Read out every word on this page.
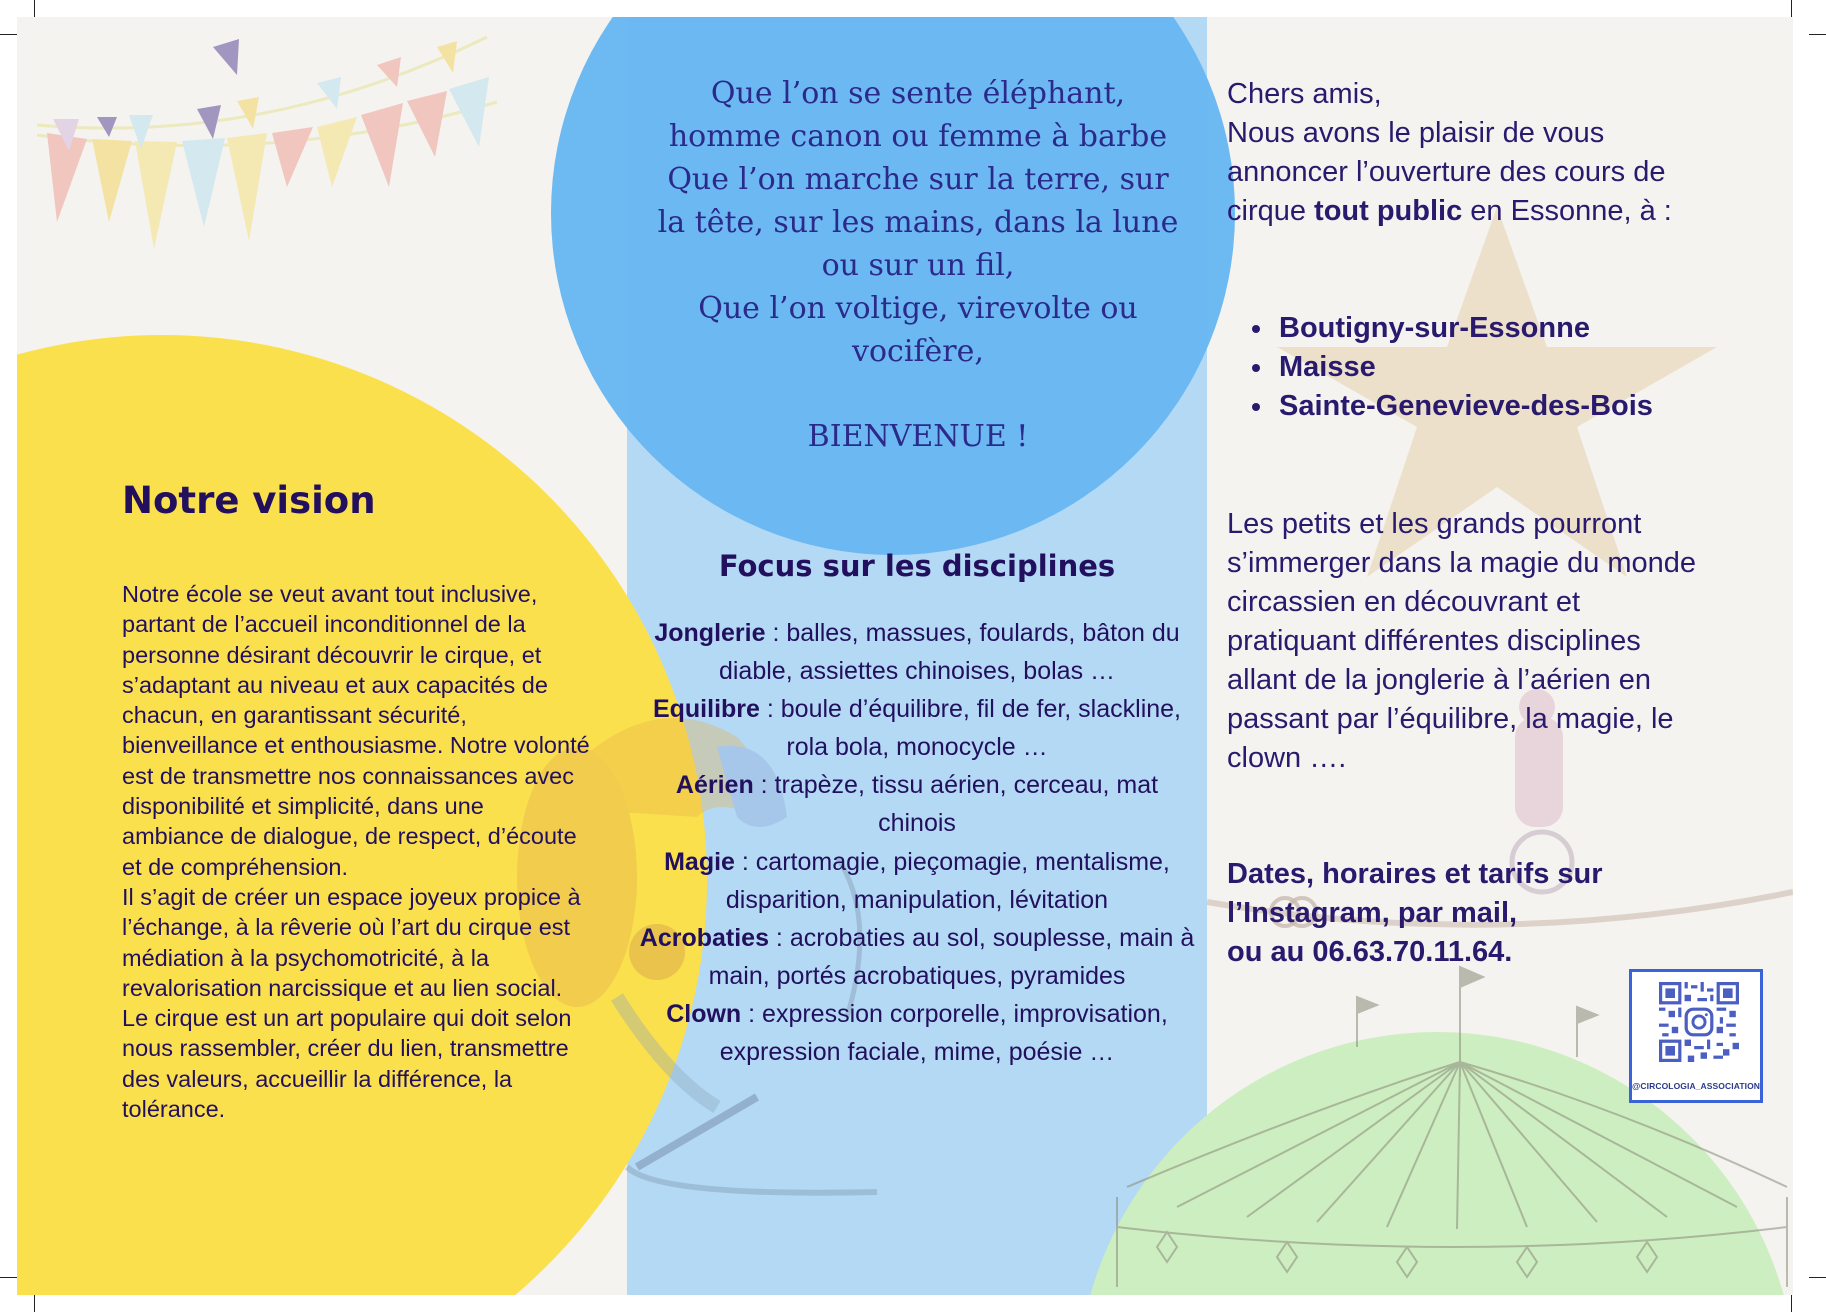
Que l’on se sente éléphant, homme canon ou femme à barbe

Que l’on marche sur la terre, sur la tête, sur les mains, dans la lune ou sur un fil,

Que l’on voltige, virevolte ou vocifère,

BIENVENUE !

Notre vision
Notre école se veut avant tout inclusive, partant de l’accueil inconditionnel de la personne désirant découvrir le cirque, et s’adaptant au niveau et aux capacités de chacun, en garantissant sécurité, bienveillance et enthousiasme. Notre volonté est de transmettre nos connaissances avec disponibilité et simplicité, dans une ambiance de dialogue, de respect, d’écoute et de compréhension.
Il s’agit de créer un espace joyeux propice à l’échange, à la rêverie où l’art du cirque est médiation à la psychomotricité, à la revalorisation narcissique et au lien social. Le cirque est un art populaire qui doit selon nous rassembler, créer du lien, transmettre des valeurs, accueillir la différence, la tolérance.
Focus sur les disciplines

Jonglerie : balles, massues, foulards, bâton du diable, assiettes chinoises, bolas …

Equilibre : boule d’équilibre, fil de fer, slackline, rola bola, monocycle …

Aérien : trapèze, tissu aérien, cerceau, mat chinois

Magie : cartomagie, pieçomagie, mentalisme, disparition, manipulation, lévitation

Acrobaties : acrobaties au sol, souplesse, main à main, portés acrobatiques, pyramides

Clown : expression corporelle, improvisation, expression faciale, mime, poésie …

Chers amis,
Nous avons le plaisir de vous annoncer l’ouverture des cours de cirque tout public en Essonne, à :

• Boutigny-sur-Essonne
• Maisse
• Sainte-Genevieve-des-Bois

Les petits et les grands pourront s’immerger dans la magie du monde circassien en découvrant et pratiquant différentes disciplines allant de la jonglerie à l’aérien en passant par l’équilibre, la magie, le clown ….

Dates, horaires et tarifs sur
l’Instagram, par mail,
ou au 06.63.70.11.64.

@CIRCOLOGIA_ASSOCIATION
